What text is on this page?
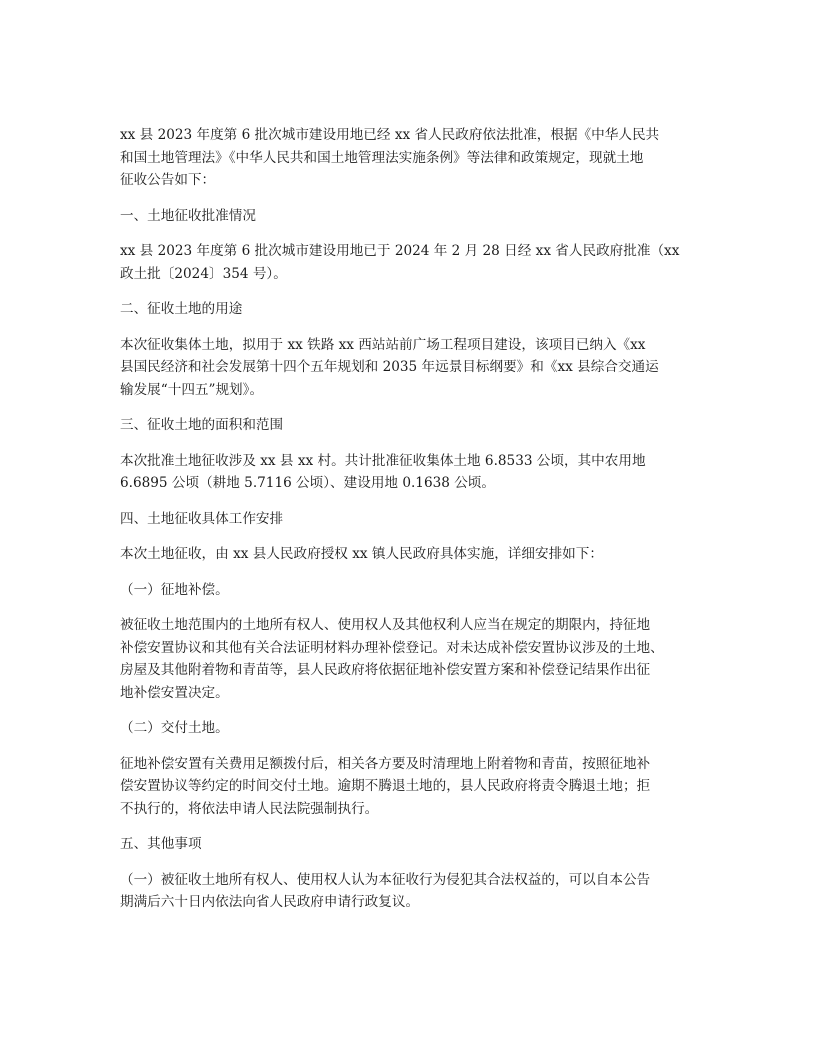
xx 县 2023 年度第 6 批次城市建设用地已经 xx 省人民政府依法批准，根据《中华人民共
和国土地管理法》《中华人民共和国土地管理法实施条例》等法律和政策规定，现就土地
征收公告如下：

一、土地征收批准情况

xx 县 2023 年度第 6 批次城市建设用地已于 2024 年 2 月 28 日经 xx 省人民政府批准（xx
政土批〔2024〕354 号）。

二、征收土地的用途

本次征收集体土地，拟用于 xx 铁路 xx 西站站前广场工程项目建设，该项目已纳入《xx
县国民经济和社会发展第十四个五年规划和 2035 年远景目标纲要》和《xx 县综合交通运
输发展“十四五”规划》。

三、征收土地的面积和范围

本次批准土地征收涉及 xx 县 xx 村。共计批准征收集体土地 6.8533 公顷，其中农用地
6.6895 公顷（耕地 5.7116 公顷）、建设用地 0.1638 公顷。

四、土地征收具体工作安排

本次土地征收，由 xx 县人民政府授权 xx 镇人民政府具体实施，详细安排如下：

（一）征地补偿。

被征收土地范围内的土地所有权人、使用权人及其他权利人应当在规定的期限内，持征地
补偿安置协议和其他有关合法证明材料办理补偿登记。对未达成补偿安置协议涉及的土地、
房屋及其他附着物和青苗等，县人民政府将依据征地补偿安置方案和补偿登记结果作出征
地补偿安置决定。

（二）交付土地。

征地补偿安置有关费用足额拨付后，相关各方要及时清理地上附着物和青苗，按照征地补
偿安置协议等约定的时间交付土地。逾期不腾退土地的，县人民政府将责令腾退土地；拒
不执行的，将依法申请人民法院强制执行。

五、其他事项

（一）被征收土地所有权人、使用权人认为本征收行为侵犯其合法权益的，可以自本公告
期满后六十日内依法向省人民政府申请行政复议。
